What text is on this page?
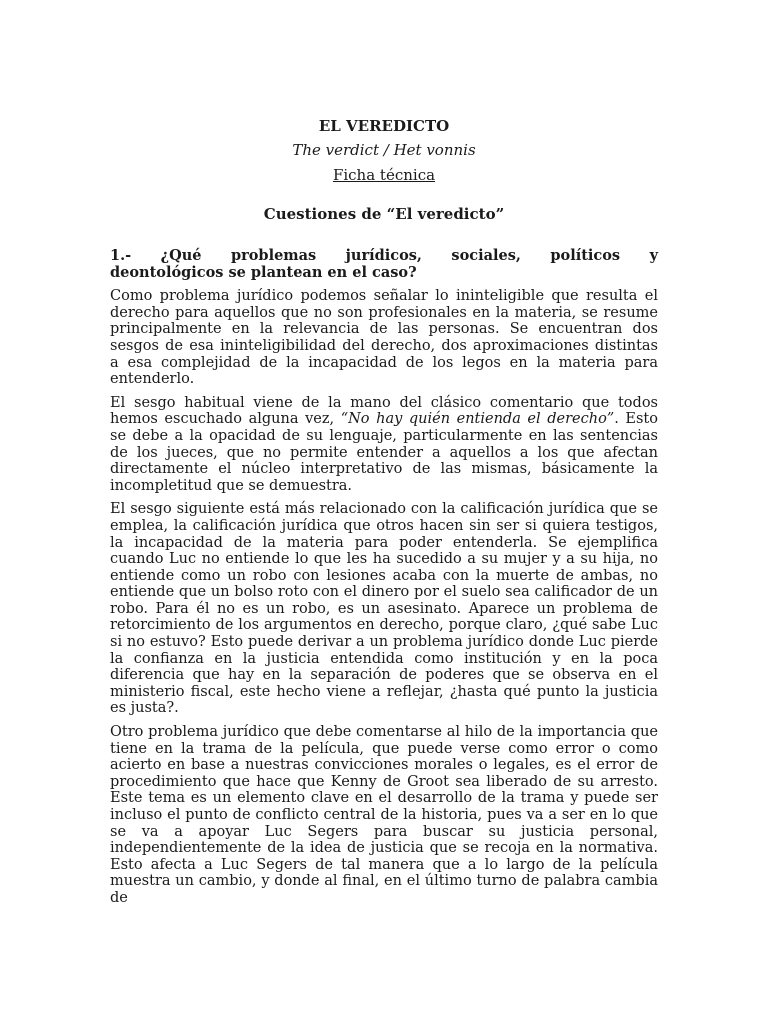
EL VEREDICTO
The verdict / Het vonnis
Ficha técnica
Cuestiones de “El veredicto”
1.- ¿Qué problemas jurídicos, sociales, políticos y
deontológicos se plantean en el caso?

Como problema jurídico podemos señalar lo ininteligible que resulta el derecho para aquellos que no son profesionales en la materia, se resume principalmente en la relevancia de las personas. Se encuentran dos sesgos de esa ininteligibilidad del derecho, dos aproximaciones distintas a esa complejidad de la incapacidad de los legos en la materia para entenderlo.

El sesgo habitual viene de la mano del clásico comentario que todos hemos escuchado alguna vez, “No hay quién entienda el derecho”. Esto se debe a la opacidad de su lenguaje, particularmente en las sentencias de los jueces, que no permite entender a aquellos a los que afectan directamente el núcleo interpretativo de las mismas, básicamente la incompletitud que se demuestra.

El sesgo siguiente está más relacionado con la calificación jurídica que se emplea, la calificación jurídica que otros hacen sin ser si quiera testigos, la incapacidad de la materia para poder entenderla. Se ejemplifica cuando Luc no entiende lo que les ha sucedido a su mujer y a su hija, no entiende como un robo con lesiones acaba con la muerte de ambas, no entiende que un bolso roto con el dinero por el suelo sea calificador de un robo. Para él no es un robo, es un asesinato. Aparece un problema de retorcimiento de los argumentos en derecho, porque claro, ¿qué sabe Luc si no estuvo? Esto puede derivar a un problema jurídico donde Luc pierde la confianza en la justicia entendida como institución y en la poca diferencia que hay en la separación de poderes que se observa en el ministerio fiscal, este hecho viene a reflejar, ¿hasta qué punto la justicia es justa?.

Otro problema jurídico que debe comentarse al hilo de la importancia que tiene en la trama de la película, que puede verse como error o como acierto en base a nuestras convicciones morales o legales, es el error de procedimiento que hace que Kenny de Groot sea liberado de su arresto. Este tema es un elemento clave en el desarrollo de la trama y puede ser incluso el punto de conflicto central de la historia, pues va a ser en lo que se va a apoyar Luc Segers para buscar su justicia personal, independientemente de la idea de justicia que se recoja en la normativa. Esto afecta a Luc Segers de tal manera que a lo largo de la película muestra un cambio, y donde al final, en el último turno de palabra cambia de
